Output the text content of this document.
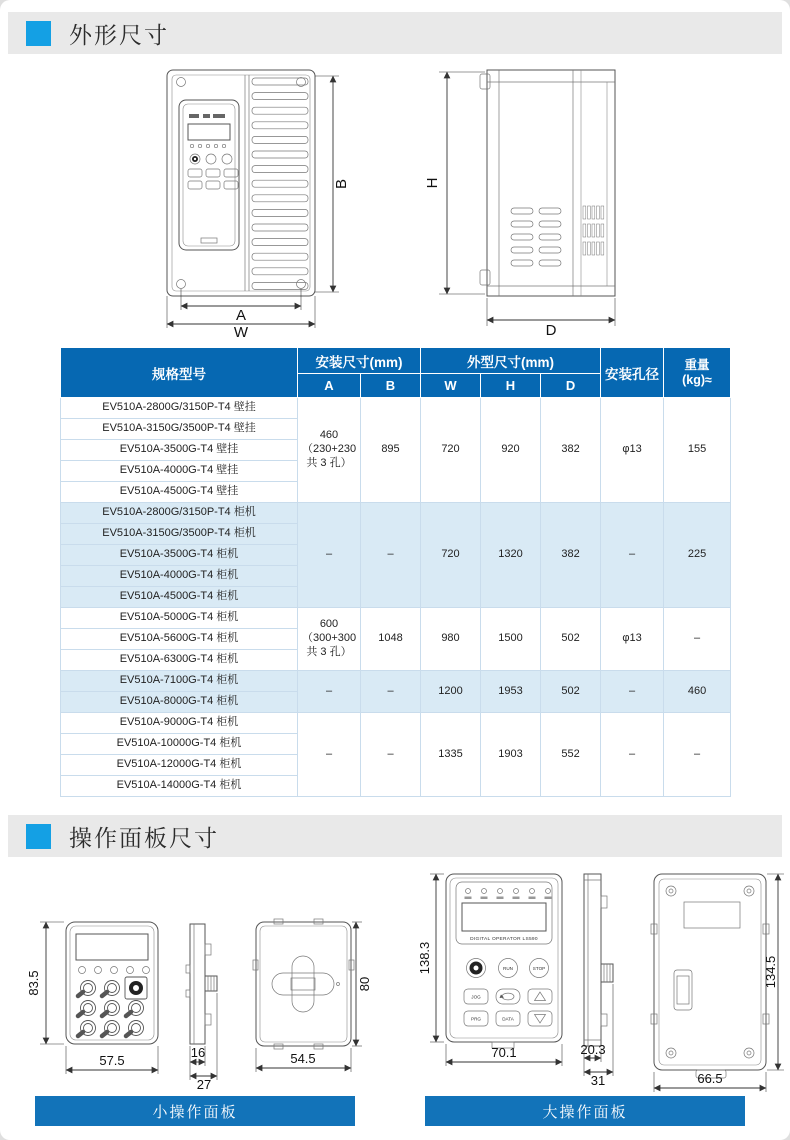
外形尺寸
B
A
W
H
D
规格型号	安装尺寸(mm)		外型尺寸(mm)			安装孔径	重量
(kg)≈

	A	B	W	H	D		
EV510A-2800G/3150P-T4 壁挂	460（230+230 共 3 孔）	895	720	920	382	φ13	155
EV510A-3150G/3500P-T4 壁挂							
EV510A-3500G-T4 壁挂							
EV510A-4000G-T4 壁挂							
EV510A-4500G-T4 壁挂							
EV510A-2800G/3150P-T4 柜机	–	–	720	1320	382	–	225
EV510A-3150G/3500P-T4 柜机							
EV510A-3500G-T4 柜机							
EV510A-4000G-T4 柜机							
EV510A-4500G-T4 柜机							
EV510A-5000G-T4 柜机	600（300+300 共 3 孔）	1048	980	1500	502	φ13	–
EV510A-5600G-T4 柜机							
EV510A-6300G-T4 柜机							
EV510A-7100G-T4 柜机	–	–	1200	1953	502	–	460
EV510A-8000G-T4 柜机							
EV510A-9000G-T4 柜机	–	–	1335	1903	552	–	–
EV510A-10000G-T4 柜机							
EV510A-12000G-T4 柜机							
EV510A-14000G-T4 柜机							
操作面板尺寸
83.5
57.5
16
27
54.5
80
DIGITAL OPERATOR LS590
RUN	STOP
JOG
PRG	DATA
138.3
70.1	20.3
31	66.5
134.5
小操作面板	大操作面板
